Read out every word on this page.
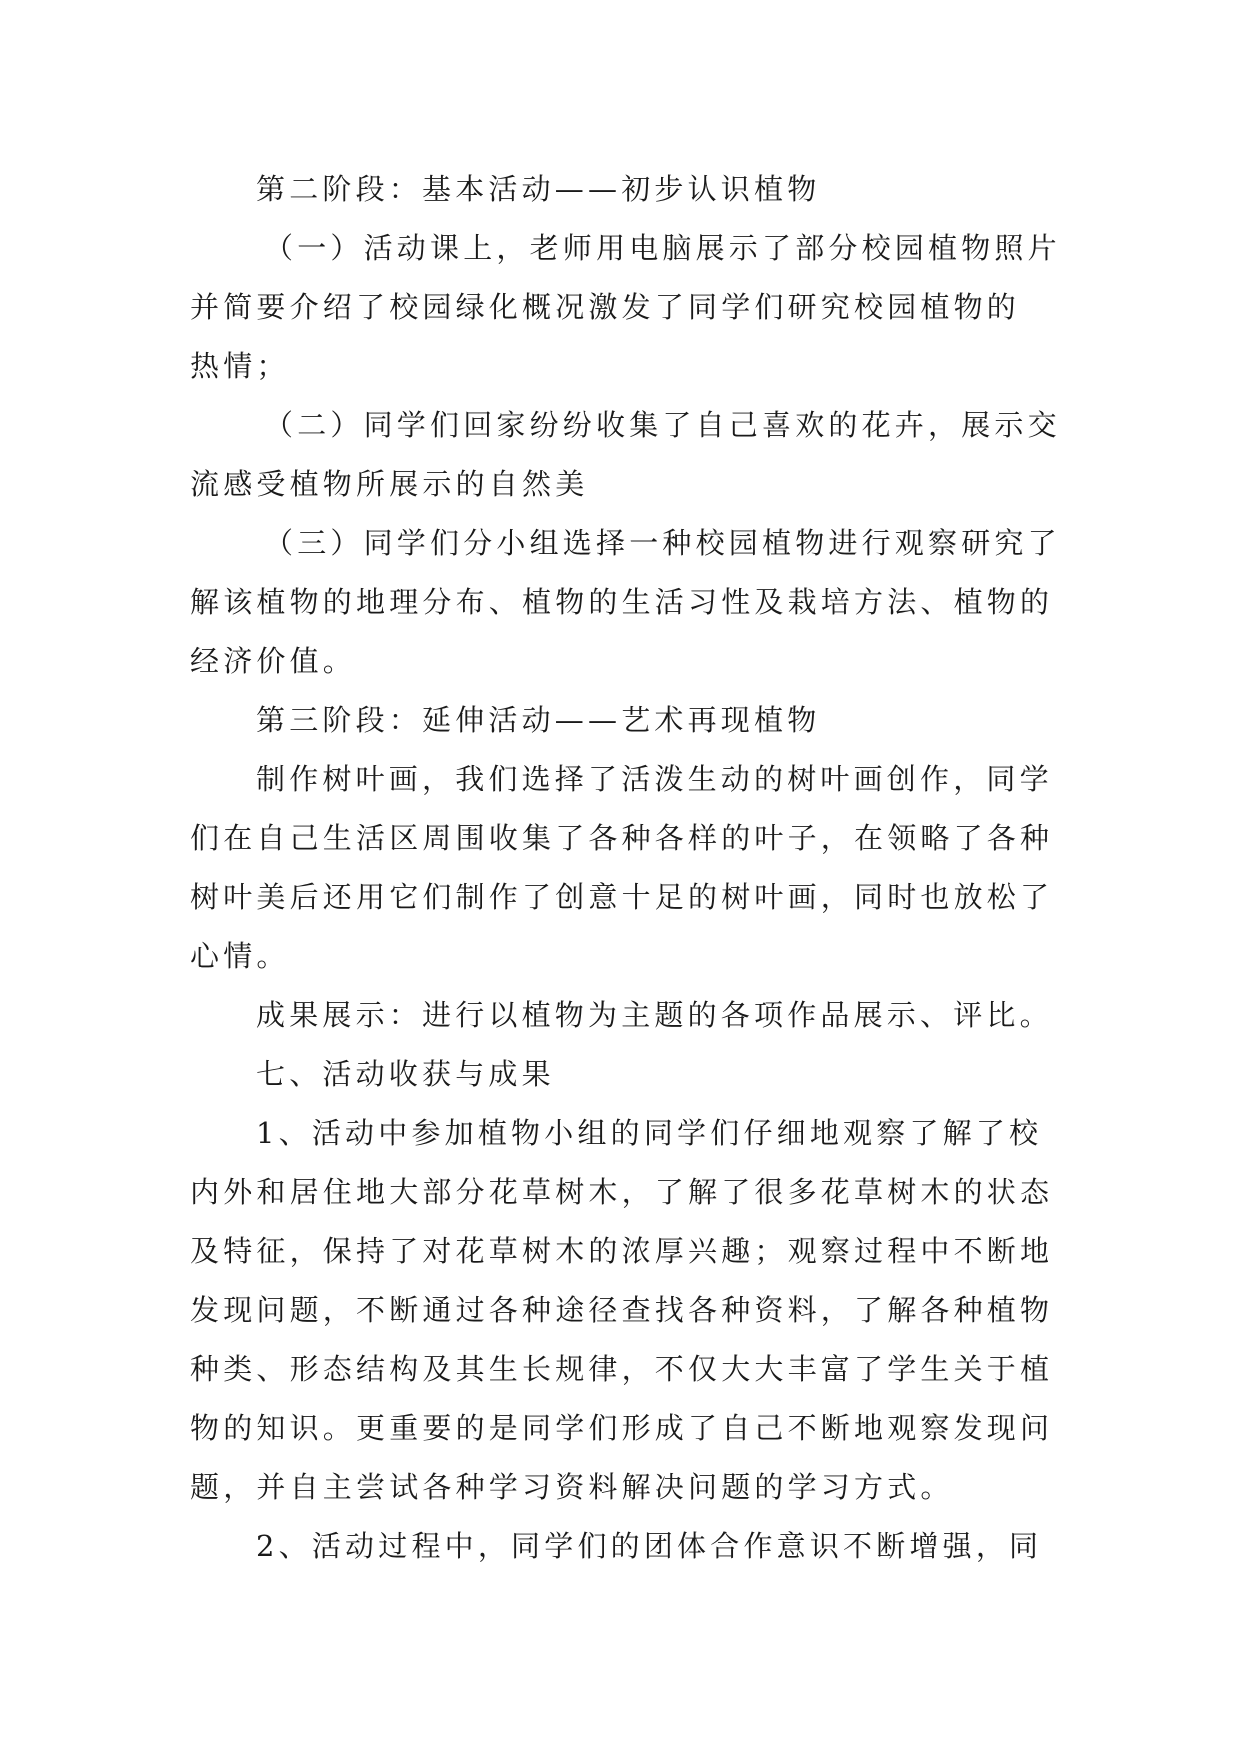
第二阶段：基本活动——初步认识植物
（一）活动课上，老师用电脑展示了部分校园植物照片
并简要介绍了校园绿化概况激发了同学们研究校园植物的
热情；
（二）同学们回家纷纷收集了自己喜欢的花卉，展示交
流感受植物所展示的自然美
（三）同学们分小组选择一种校园植物进行观察研究了
解该植物的地理分布、植物的生活习性及栽培方法、植物的
经济价值。
第三阶段：延伸活动——艺术再现植物
制作树叶画，我们选择了活泼生动的树叶画创作，同学
们在自己生活区周围收集了各种各样的叶子，在领略了各种
树叶美后还用它们制作了创意十足的树叶画，同时也放松了
心情。
成果展示：进行以植物为主题的各项作品展示、评比。
七、活动收获与成果
1、活动中参加植物小组的同学们仔细地观察了解了校
内外和居住地大部分花草树木，了解了很多花草树木的状态
及特征，保持了对花草树木的浓厚兴趣；观察过程中不断地
发现问题，不断通过各种途径查找各种资料，了解各种植物
种类、形态结构及其生长规律，不仅大大丰富了学生关于植
物的知识。更重要的是同学们形成了自己不断地观察发现问
题，并自主尝试各种学习资料解决问题的学习方式。
2、活动过程中，同学们的团体合作意识不断增强，同
